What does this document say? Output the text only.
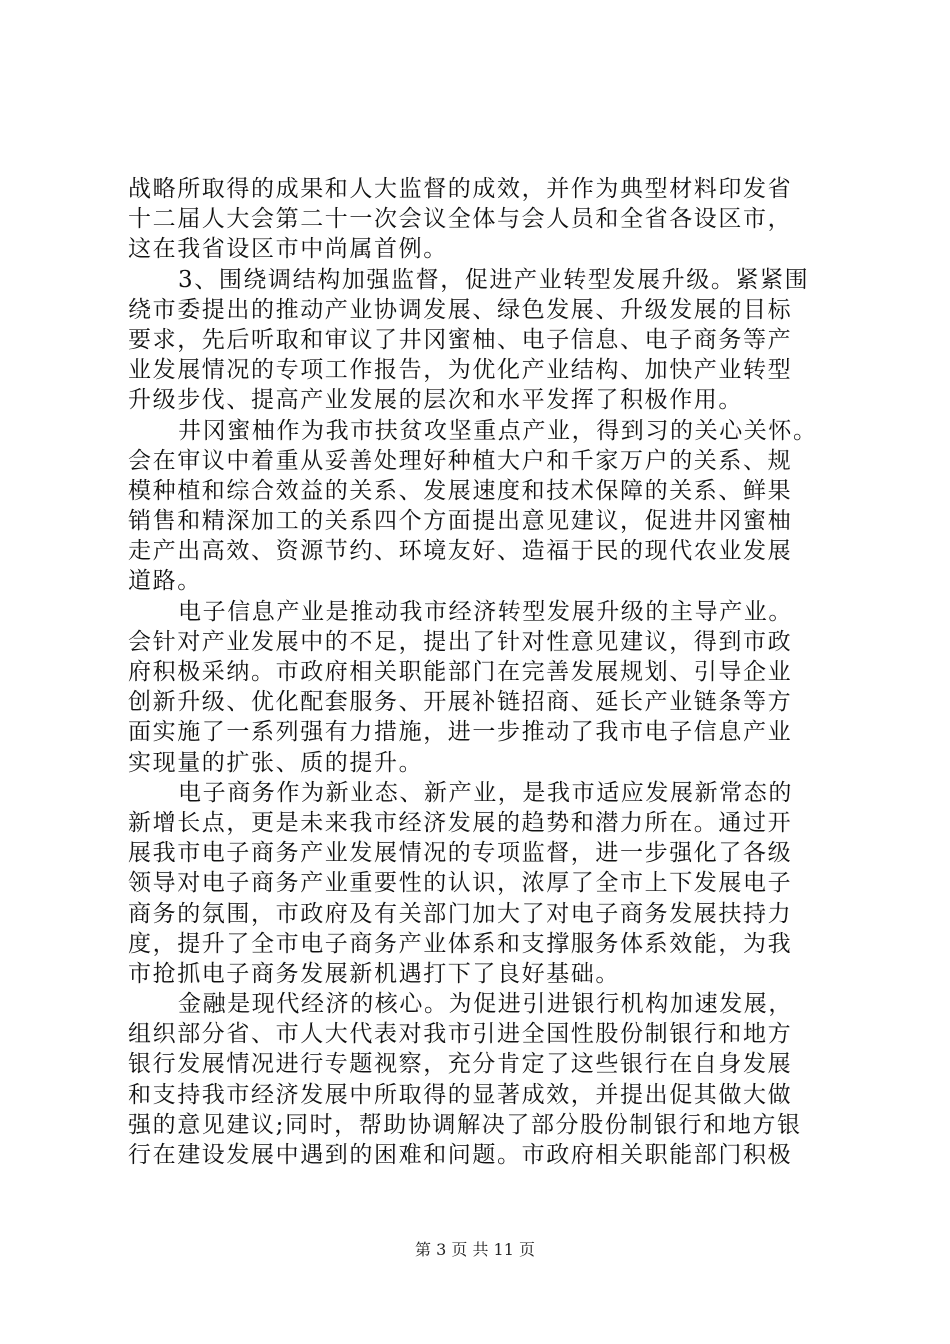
战略所取得的成果和人大监督的成效，并作为典型材料印发省
十二届人大会第二十一次会议全体与会人员和全省各设区市，
这在我省设区市中尚属首例。
3、围绕调结构加强监督，促进产业转型发展升级。紧紧围
绕市委提出的推动产业协调发展、绿色发展、升级发展的目标
要求，先后听取和审议了井冈蜜柚、电子信息、电子商务等产
业发展情况的专项工作报告，为优化产业结构、加快产业转型
升级步伐、提高产业发展的层次和水平发挥了积极作用。
井冈蜜柚作为我市扶贫攻坚重点产业，得到习的关心关怀。
会在审议中着重从妥善处理好种植大户和千家万户的关系、规
模种植和综合效益的关系、发展速度和技术保障的关系、鲜果
销售和精深加工的关系四个方面提出意见建议，促进井冈蜜柚
走产出高效、资源节约、环境友好、造福于民的现代农业发展
道路。
电子信息产业是推动我市经济转型发展升级的主导产业。
会针对产业发展中的不足，提出了针对性意见建议，得到市政
府积极采纳。市政府相关职能部门在完善发展规划、引导企业
创新升级、优化配套服务、开展补链招商、延长产业链条等方
面实施了一系列强有力措施，进一步推动了我市电子信息产业
实现量的扩张、质的提升。
电子商务作为新业态、新产业，是我市适应发展新常态的
新增长点，更是未来我市经济发展的趋势和潜力所在。通过开
展我市电子商务产业发展情况的专项监督，进一步强化了各级
领导对电子商务产业重要性的认识，浓厚了全市上下发展电子
商务的氛围，市政府及有关部门加大了对电子商务发展扶持力
度，提升了全市电子商务产业体系和支撑服务体系效能，为我
市抢抓电子商务发展新机遇打下了良好基础。
金融是现代经济的核心。为促进引进银行机构加速发展，
组织部分省、市人大代表对我市引进全国性股份制银行和地方
银行发展情况进行专题视察，充分肯定了这些银行在自身发展
和支持我市经济发展中所取得的显著成效，并提出促其做大做
强的意见建议;同时，帮助协调解决了部分股份制银行和地方银
行在建设发展中遇到的困难和问题。市政府相关职能部门积极
第 3 页 共 11 页
